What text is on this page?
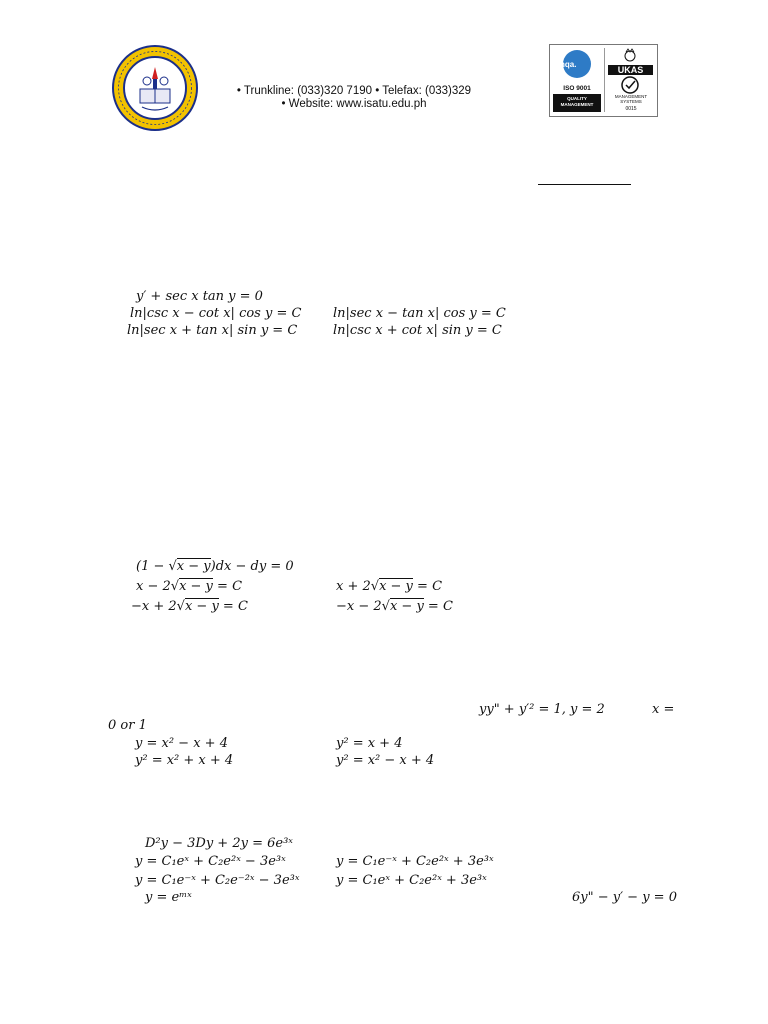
• Trunkline: (033)320 7190 • Telefax: (033)329
• Website: www.isatu.edu.ph
nqa.
ISO 9001
QUALITY MANAGEMENT
UKAS
MANAGEMENT SYSTEMS
0015
y′ + sec x tan y = 0
ln|csc x − cot x| cos y = C ln|sec x − tan x| cos y = C
ln|sec x + tan x| sin y = C	ln|csc x + cot x| sin y = C
(1 − √x − y)dx − dy = 0
x − 2√x − y = C	x + 2√x − y = C
−x + 2√x − y = C	−x − 2√x − y = C
yy" + y′² = 1, y = 2	x =
0 or 1
y = x² − x + 4	y² = x + 4
y² = x² + x + 4	y² = x² − x + 4
D²y − 3Dy + 2y = 6e³ˣ
y = C₁eˣ + C₂e²ˣ − 3e³ˣ	y = C₁e⁻ˣ + C₂e²ˣ + 3e³ˣ
y = C₁e⁻ˣ + C₂e⁻²ˣ − 3e³ˣ	y = C₁eˣ + C₂e²ˣ + 3e³ˣ
y = eᵐˣ	6y" − y′ − y = 0
